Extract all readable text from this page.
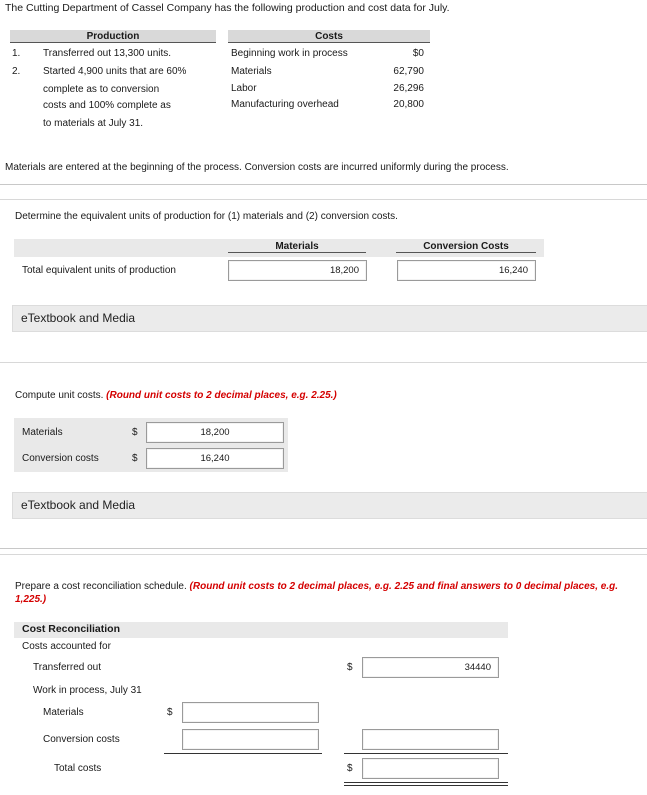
The Cutting Department of Cassel Company has the following production and cost data for July.
Production
1. Transferred out 13,300 units.
2. Started 4,900 units that are 60%
complete as to conversion
costs and 100% complete as
to materials at July 31.
Costs
Beginning work in process	$0
Materials	62,790
Labor	26,296
Manufacturing overhead	20,800
Materials are entered at the beginning of the process. Conversion costs are incurred uniformly during the process.
Determine the equivalent units of production for (1) materials and (2) conversion costs.
Materials	Conversion Costs
Total equivalent units of production	18,200	16,240
eTextbook and Media
Compute unit costs. (Round unit costs to 2 decimal places, e.g. 2.25.)
Materials	$	18,200
Conversion costs	$	16,240
eTextbook and Media
Prepare a cost reconciliation schedule. (Round unit costs to 2 decimal places, e.g. 2.25 and final answers to 0 decimal places, e.g.
1,225.)
Cost Reconciliation
Costs accounted for
Transferred out	$	34440
Work in process, July 31
Materials	$
Conversion costs
Total costs	$
